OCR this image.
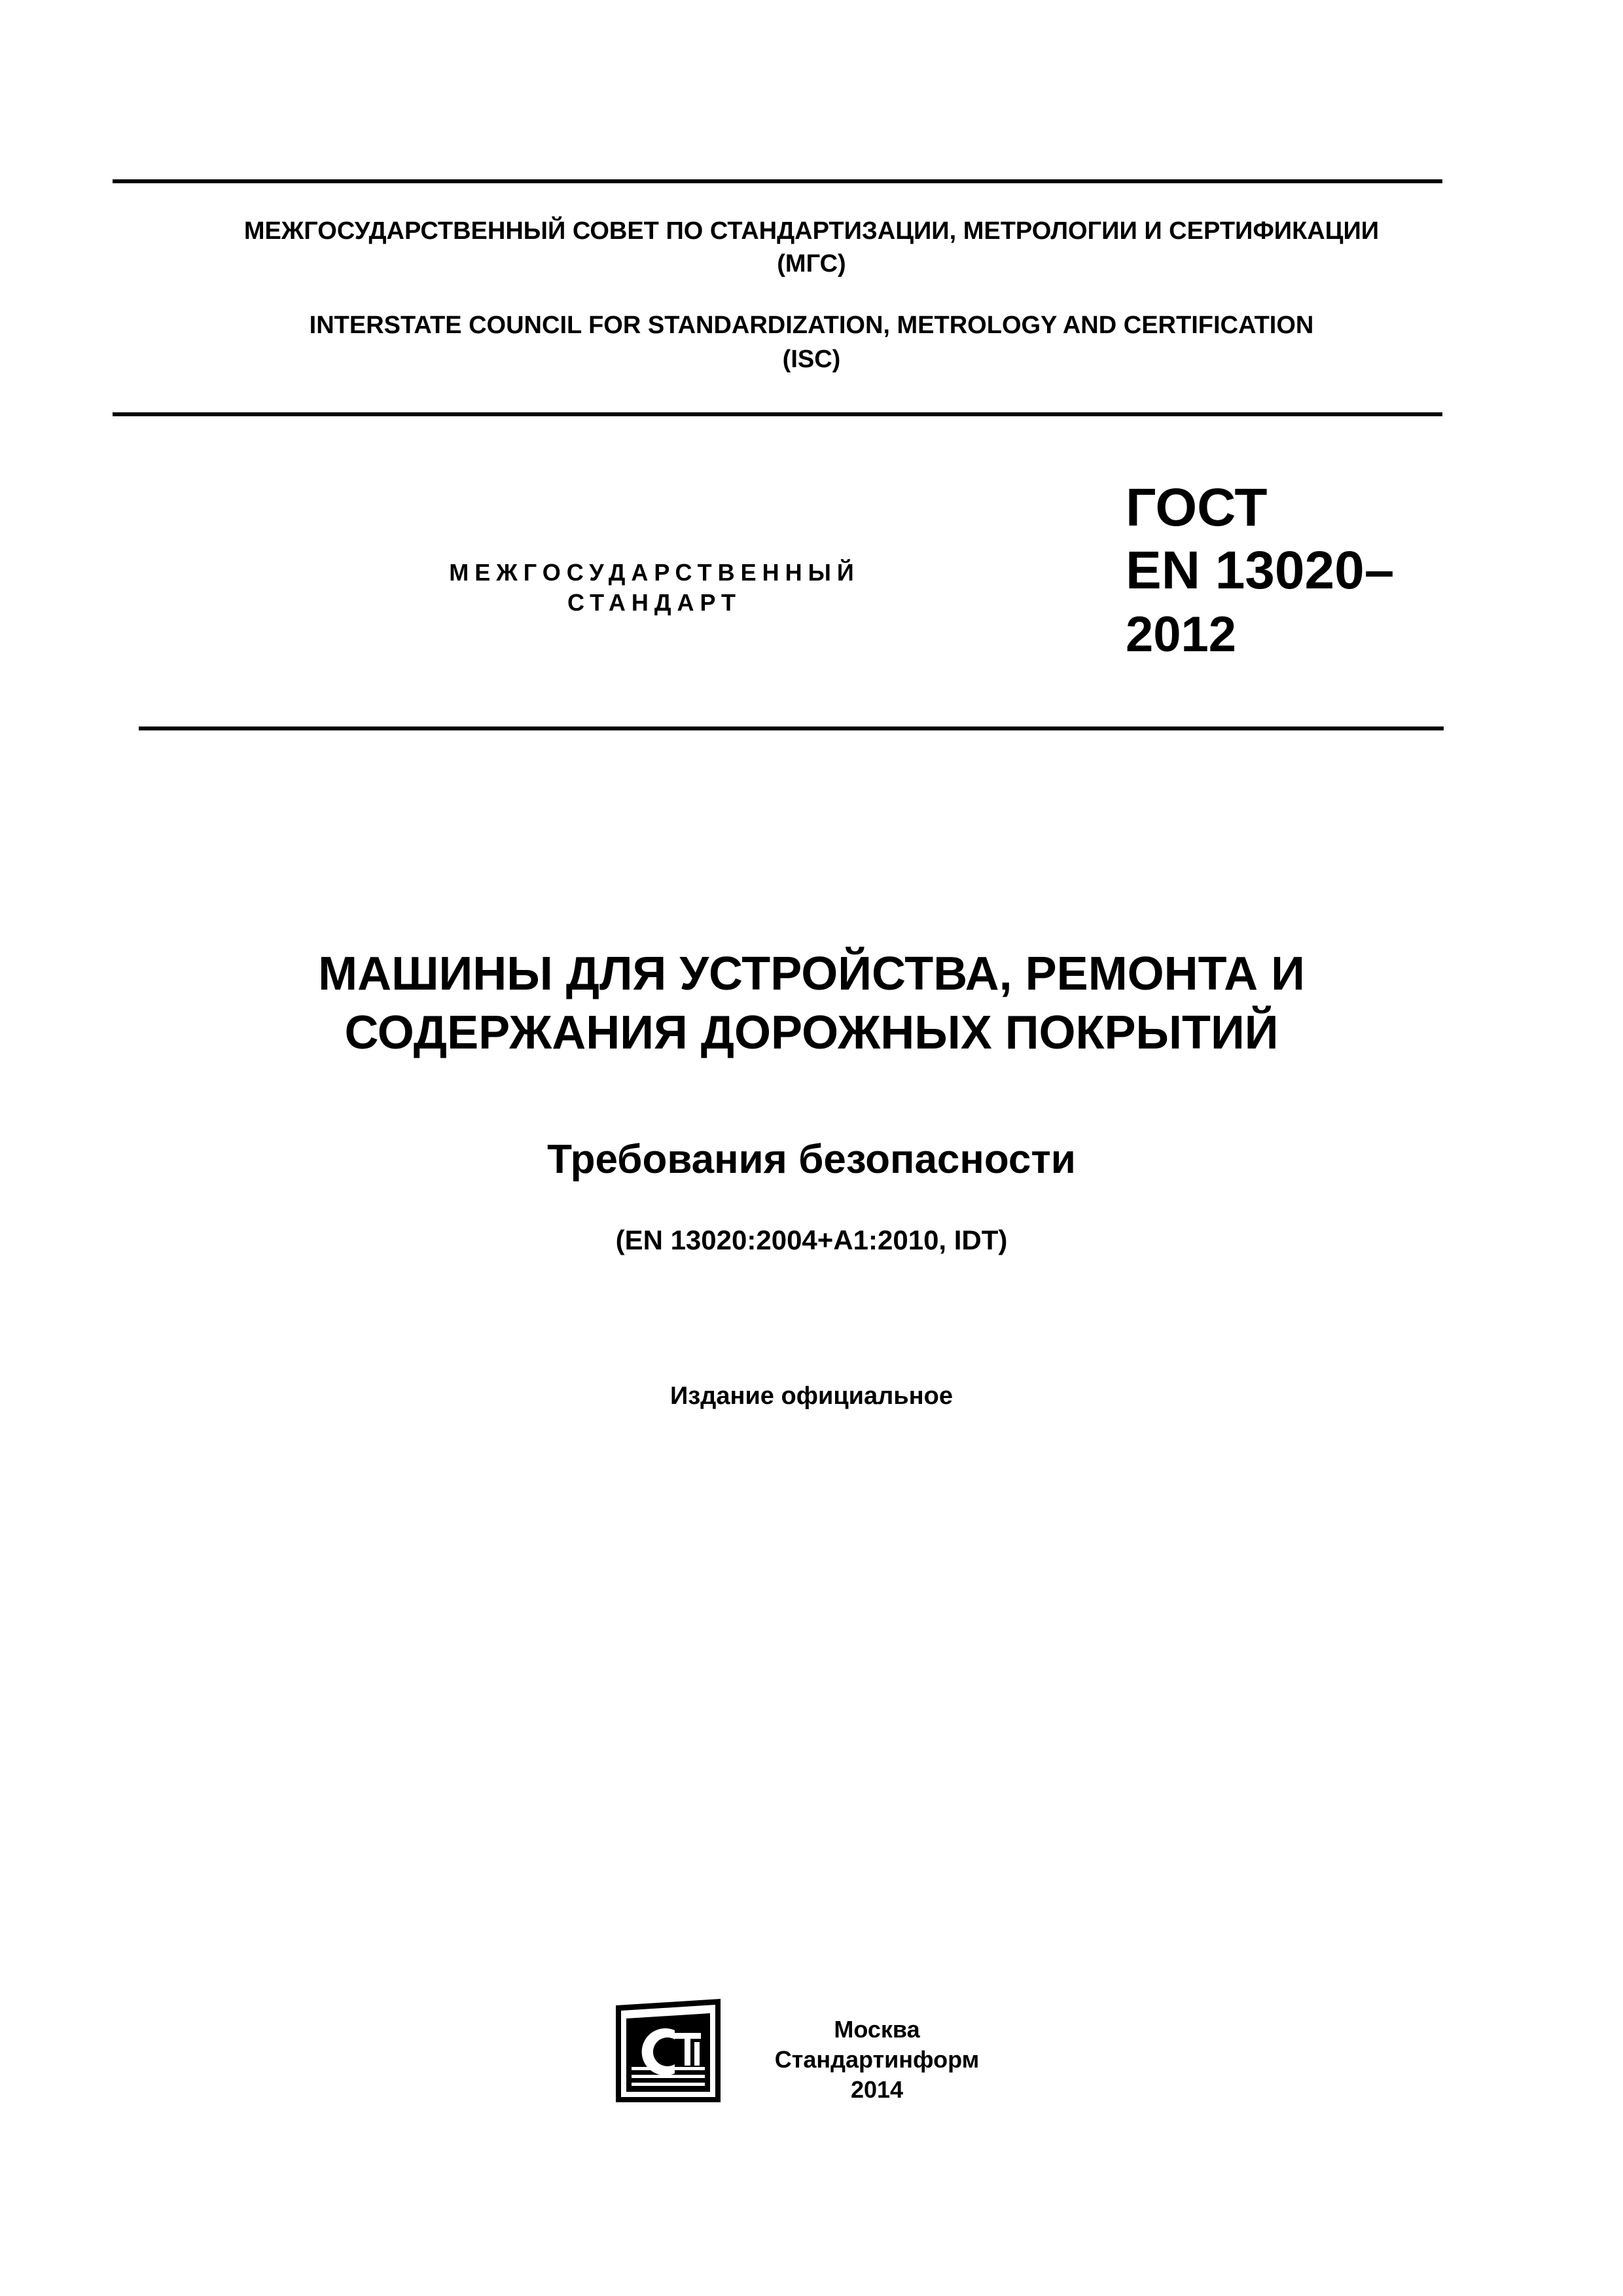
МЕЖГОСУДАРСТВЕННЫЙ СОВЕТ ПО СТАНДАРТИЗАЦИИ, МЕТРОЛОГИИ И СЕРТИФИКАЦИИ
(МГС)
INTERSTATE COUNCIL FOR STANDARDIZATION, METROLOGY AND CERTIFICATION
(ISC)
МЕЖГОСУДАРСТВЕННЫЙ
СТАНДАРТ
ГОСТ
EN 13020–
2012
МАШИНЫ ДЛЯ УСТРОЙСТВА, РЕМОНТА И
СОДЕРЖАНИЯ ДОРОЖНЫХ ПОКРЫТИЙ
Требования безопасности
(EN 13020:2004+A1:2010, IDT)
Издание официальное
Москва
Стандартинформ
2014
